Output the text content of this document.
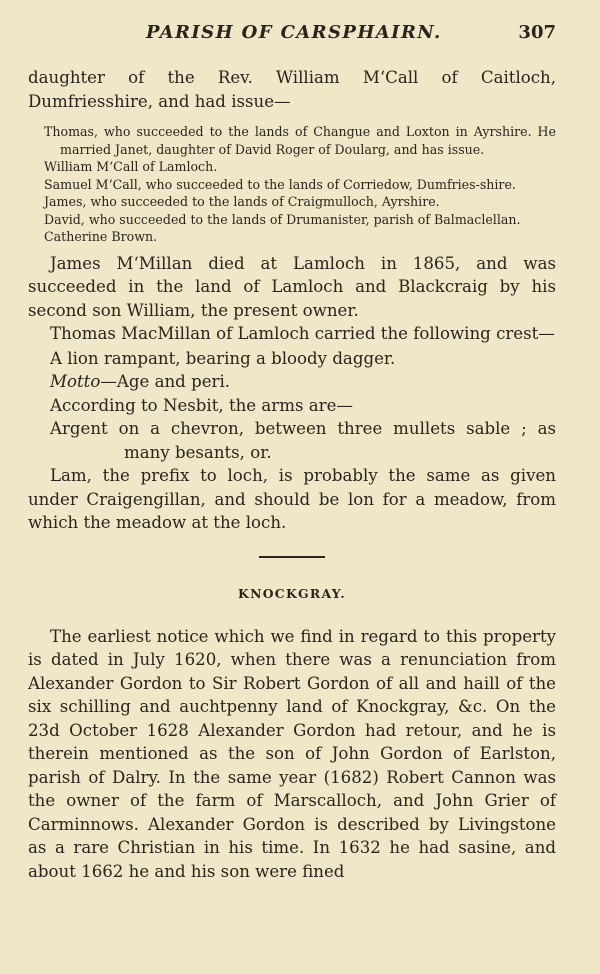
PARISH OF CARSPHAIRN.	307

daughter of the Rev. William M‘Call of Caitloch, Dumfriesshire, and had issue—

Thomas, who succeeded to the lands of Changue and Loxton in Ayrshire. He married Janet, daughter of David Roger of Doularg, and has issue.
William M‘Call of Lamloch.
Samuel M‘Call, who succeeded to the lands of Corriedow, Dumfries-shire.
James, who succeeded to the lands of Craigmulloch, Ayrshire.
David, who succeeded to the lands of Drumanister, parish of Balmaclellan.
Catherine Brown.

James M‘Millan died at Lamloch in 1865, and was succeeded in the land of Lamloch and Blackcraig by his second son William, the present owner.

Thomas MacMillan of Lamloch carried the following crest—

A lion rampant, bearing a bloody dagger.

Motto—Age and peri.

According to Nesbit, the arms are—

Argent on a chevron, between three mullets sable ; as many besants, or.

Lam, the prefix to loch, is probably the same as given under Craigengillan, and should be lon for a meadow, from which the meadow at the loch.

KNOCKGRAY.

The earliest notice which we find in regard to this property is dated in July 1620, when there was a renunciation from Alexander Gordon to Sir Robert Gordon of all and haill of the six schilling and auchtpenny land of Knockgray, &c. On the 23d October 1628 Alexander Gordon had retour, and he is therein mentioned as the son of John Gordon of Earlston, parish of Dalry. In the same year (1682) Robert Cannon was the owner of the farm of Marscalloch, and John Grier of Carminnows. Alexander Gordon is described by Livingstone as a rare Christian in his time. In 1632 he had sasine, and about 1662 he and his son were fined
